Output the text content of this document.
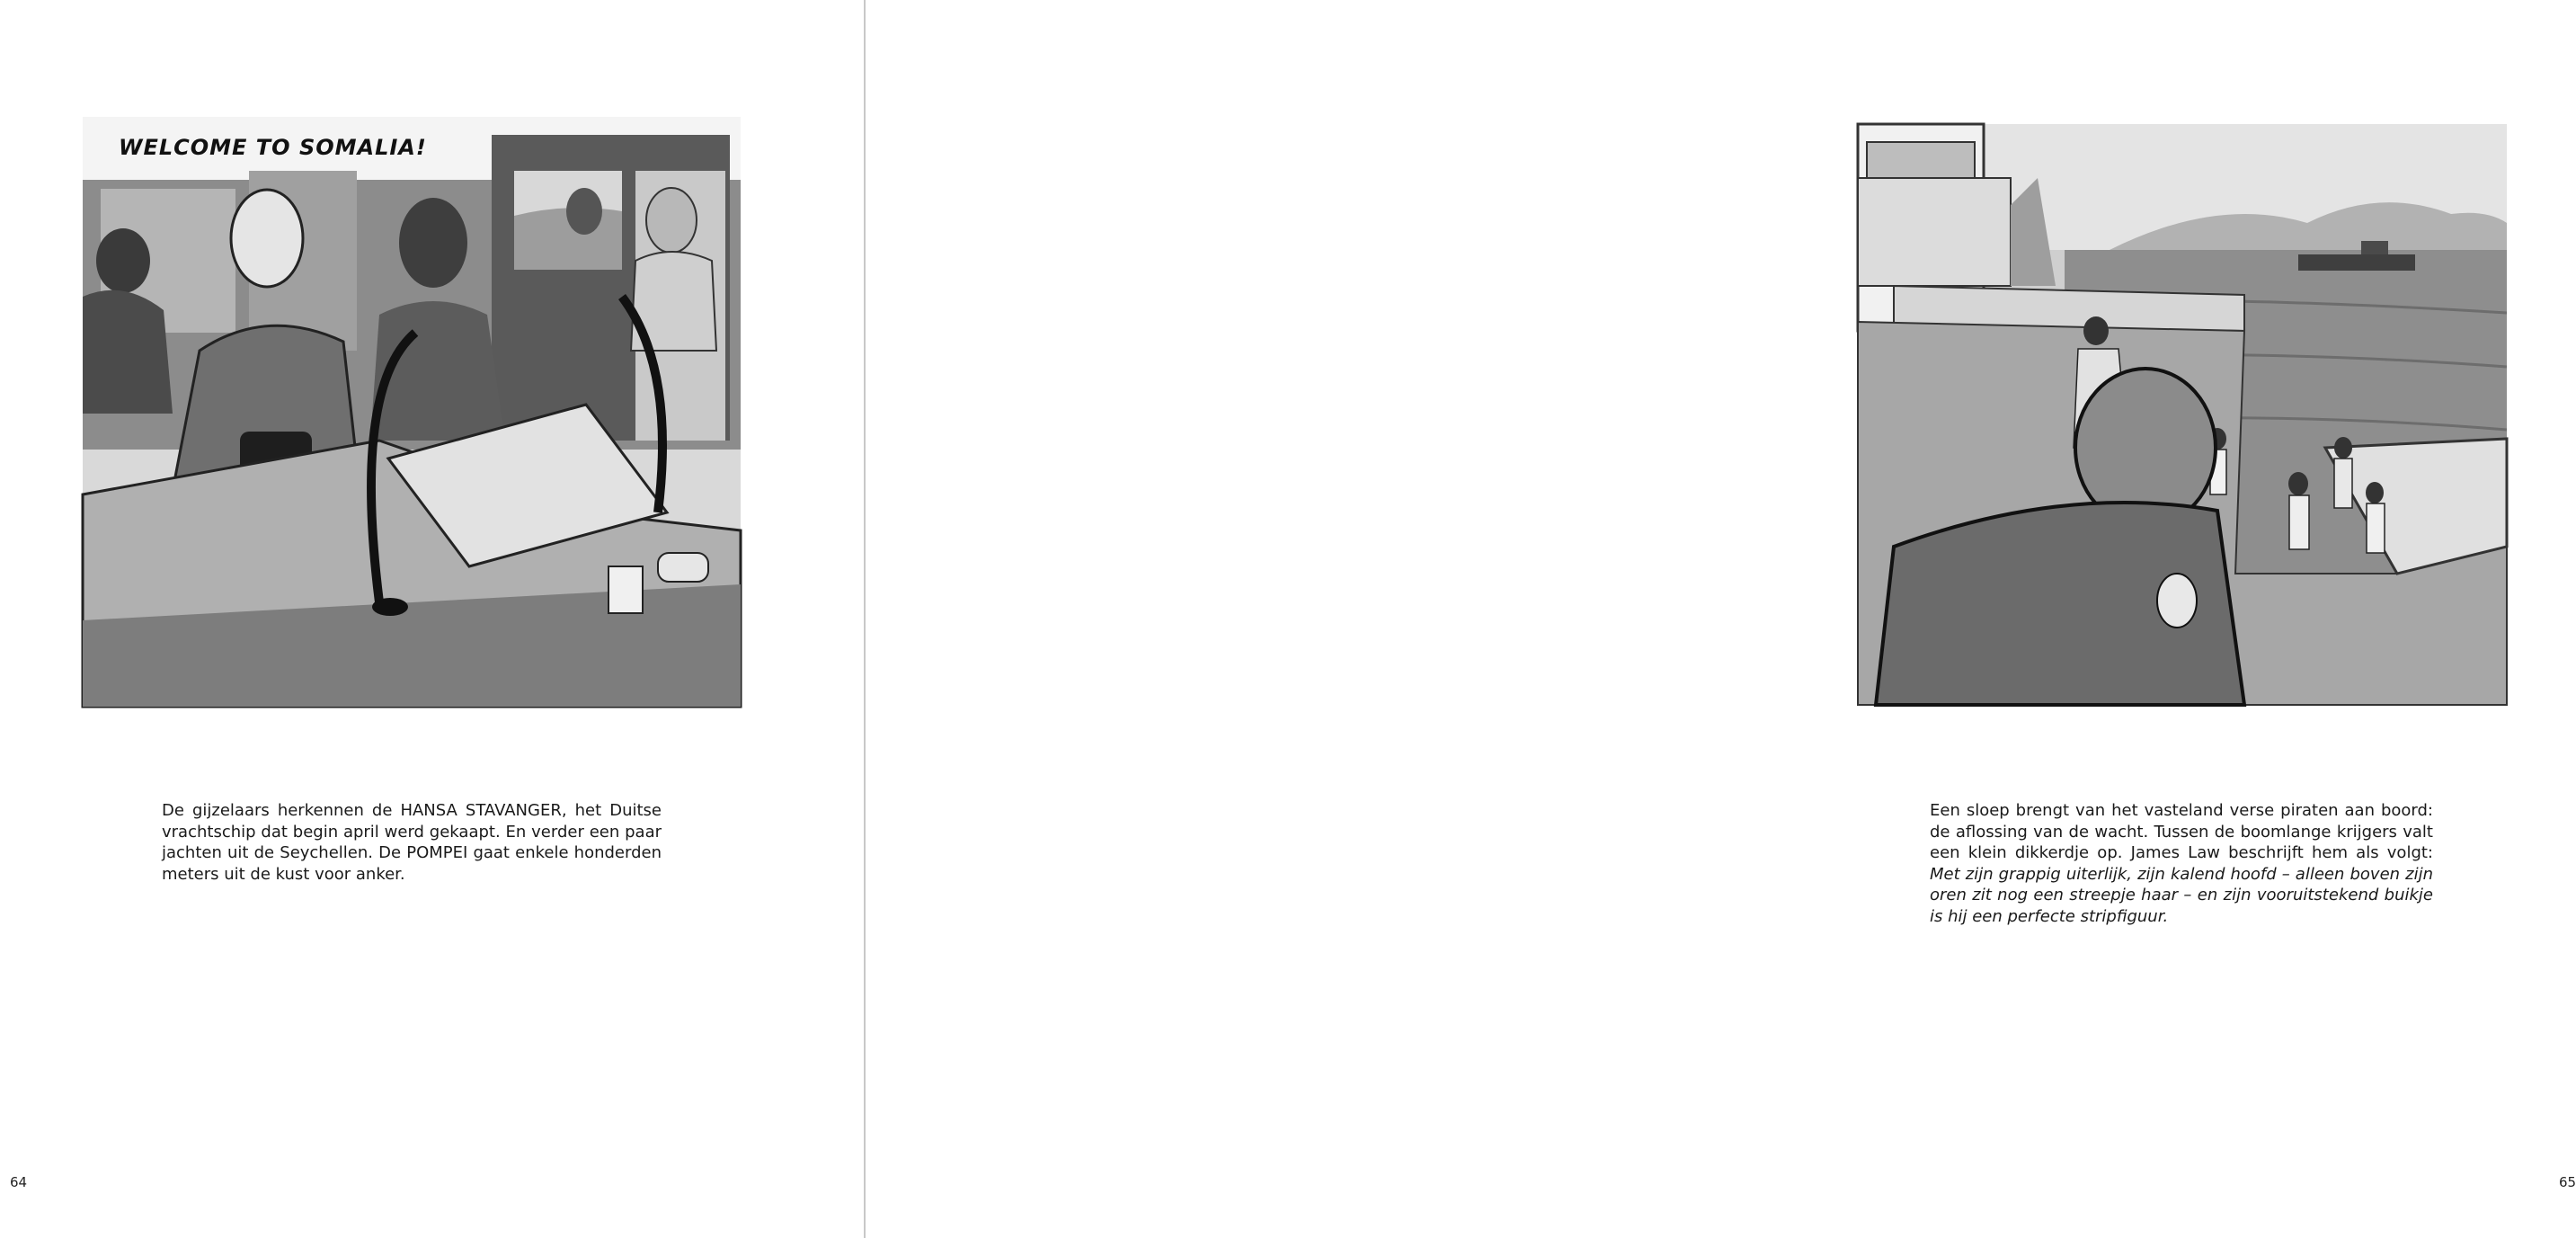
WELCOME TO SOMALIA!

De gijzelaars herkennen de HANSA STAVANGER, het Duitse vrachtschip dat begin april werd gekaapt. En verder een paar jachten uit de Seychellen. De POMPEI gaat enkele honderden meters uit de kust voor anker.

64

Een sloep brengt van het vasteland verse piraten aan boord: de aflossing van de wacht. Tussen de boomlange krijgers valt een klein dikkerdje op. James Law beschrijft hem als volgt: Met zijn grappig uiterlijk, zijn kalend hoofd – alleen boven zijn oren zit nog een streepje haar – en zijn vooruitstekend buikje is hij een perfecte stripfiguur.

65
